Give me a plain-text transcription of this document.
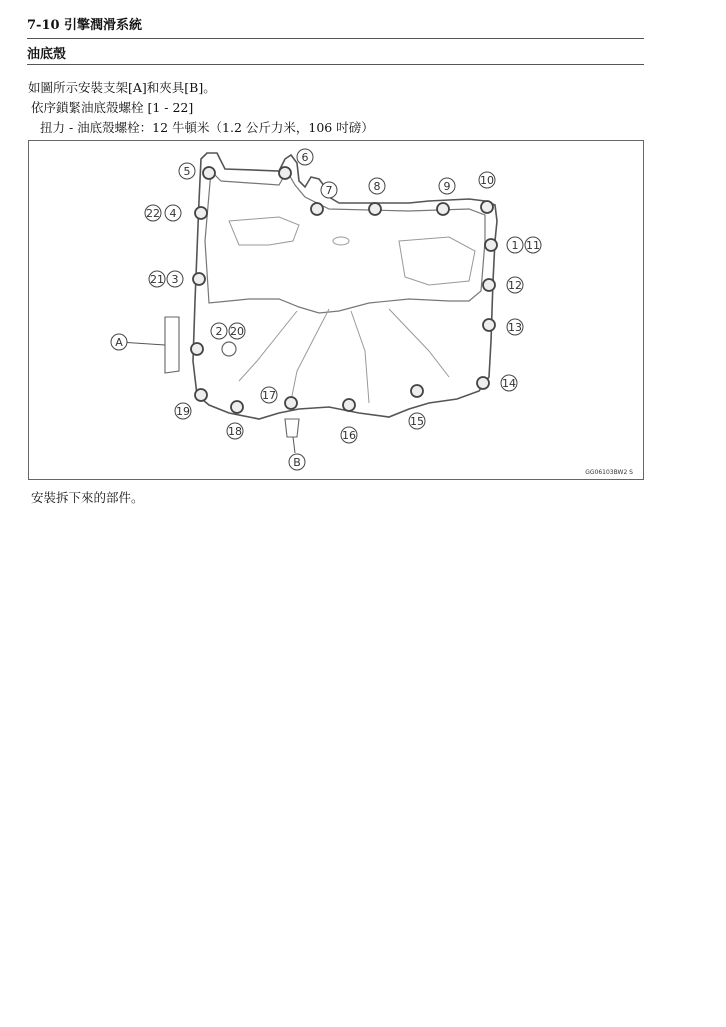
7-10 引擎潤滑系統
油底殼
如圖所示安裝支架[A]和夾具[B]。
依序鎖緊油底殼螺栓 [1 - 22]
扭力 - 油底殼螺栓：12 牛頓米（1.2 公斤力米，106 吋磅）
5
6
7	8	9	10
1 11
12
13
14
15
16
17
18
19
2 20
21 3
22 4
A
B
GG06103BW2 S
安裝拆下來的部件。
